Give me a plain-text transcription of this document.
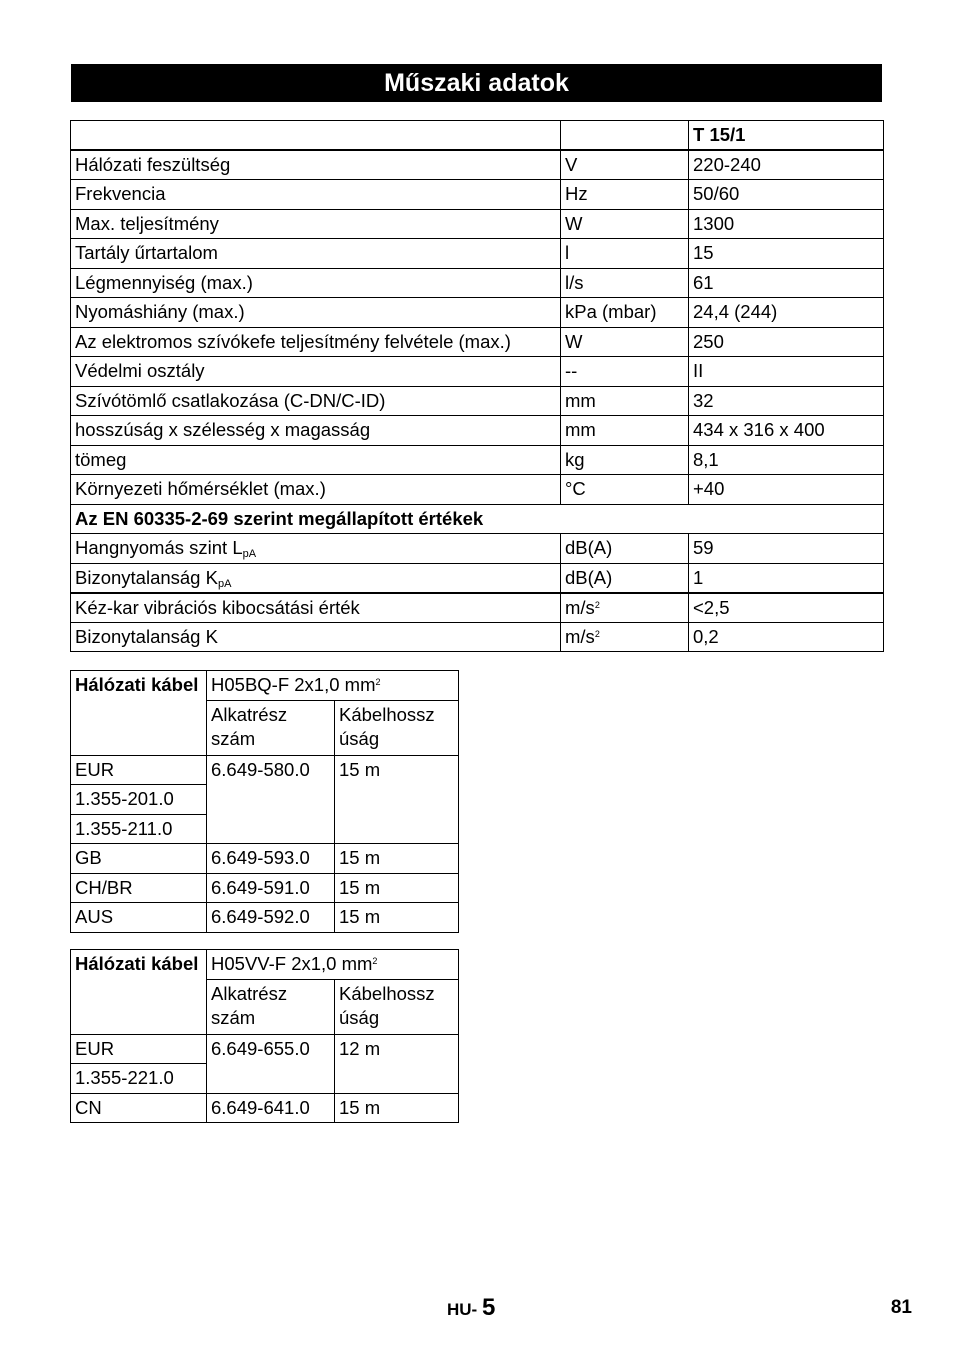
Műszaki adatok
		T 15/1
Hálózati feszültség	V	220-240
Frekvencia	Hz	50/60
Max. teljesítmény	W	1300
Tartály űrtartalom	l	15
Légmennyiség (max.)	l/s	61
Nyomáshiány (max.)	kPa (mbar)	24,4 (244)
Az elektromos szívókefe teljesítmény felvétele (max.)	W	250
Védelmi osztály	--	II
Szívótömlő csatlakozása (C-DN/C-ID)	mm	32
hosszúság x szélesség x magasság	mm	434 x 316 x 400
tömeg	kg	8,1
Környezeti hőmérséklet (max.)	°C	+40
Az EN 60335-2-69 szerint megállapított értékek		
Hangnyomás szint $L_{pA}$	dB(A)	59
Bizonytalanság $K_{pA}$	dB(A)	1
Kéz-kar vibrációs kibocsátási érték	$m/s^2$	<2,5
Bizonytalanság K	$m/s^2$	0,2
Hálózati kábel	H05BQ-F 2x1,0 $mm^2$
	Alkatrész szám	Kábelhossz úság
EUR	6.649-580.0	15 m
1.355-201.0		
1.355-211.0		
GB	6.649-593.0	15 m
CH/BR	6.649-591.0	15 m
AUS	6.649-592.0	15 m
Hálózati kábel	H05VV-F 2x1,0 $mm^2$
	Alkatrész szám	Kábelhossz úság
EUR	6.649-655.0	12 m
1.355-221.0		
CN	6.649-641.0	15 m
HU- 5	81
